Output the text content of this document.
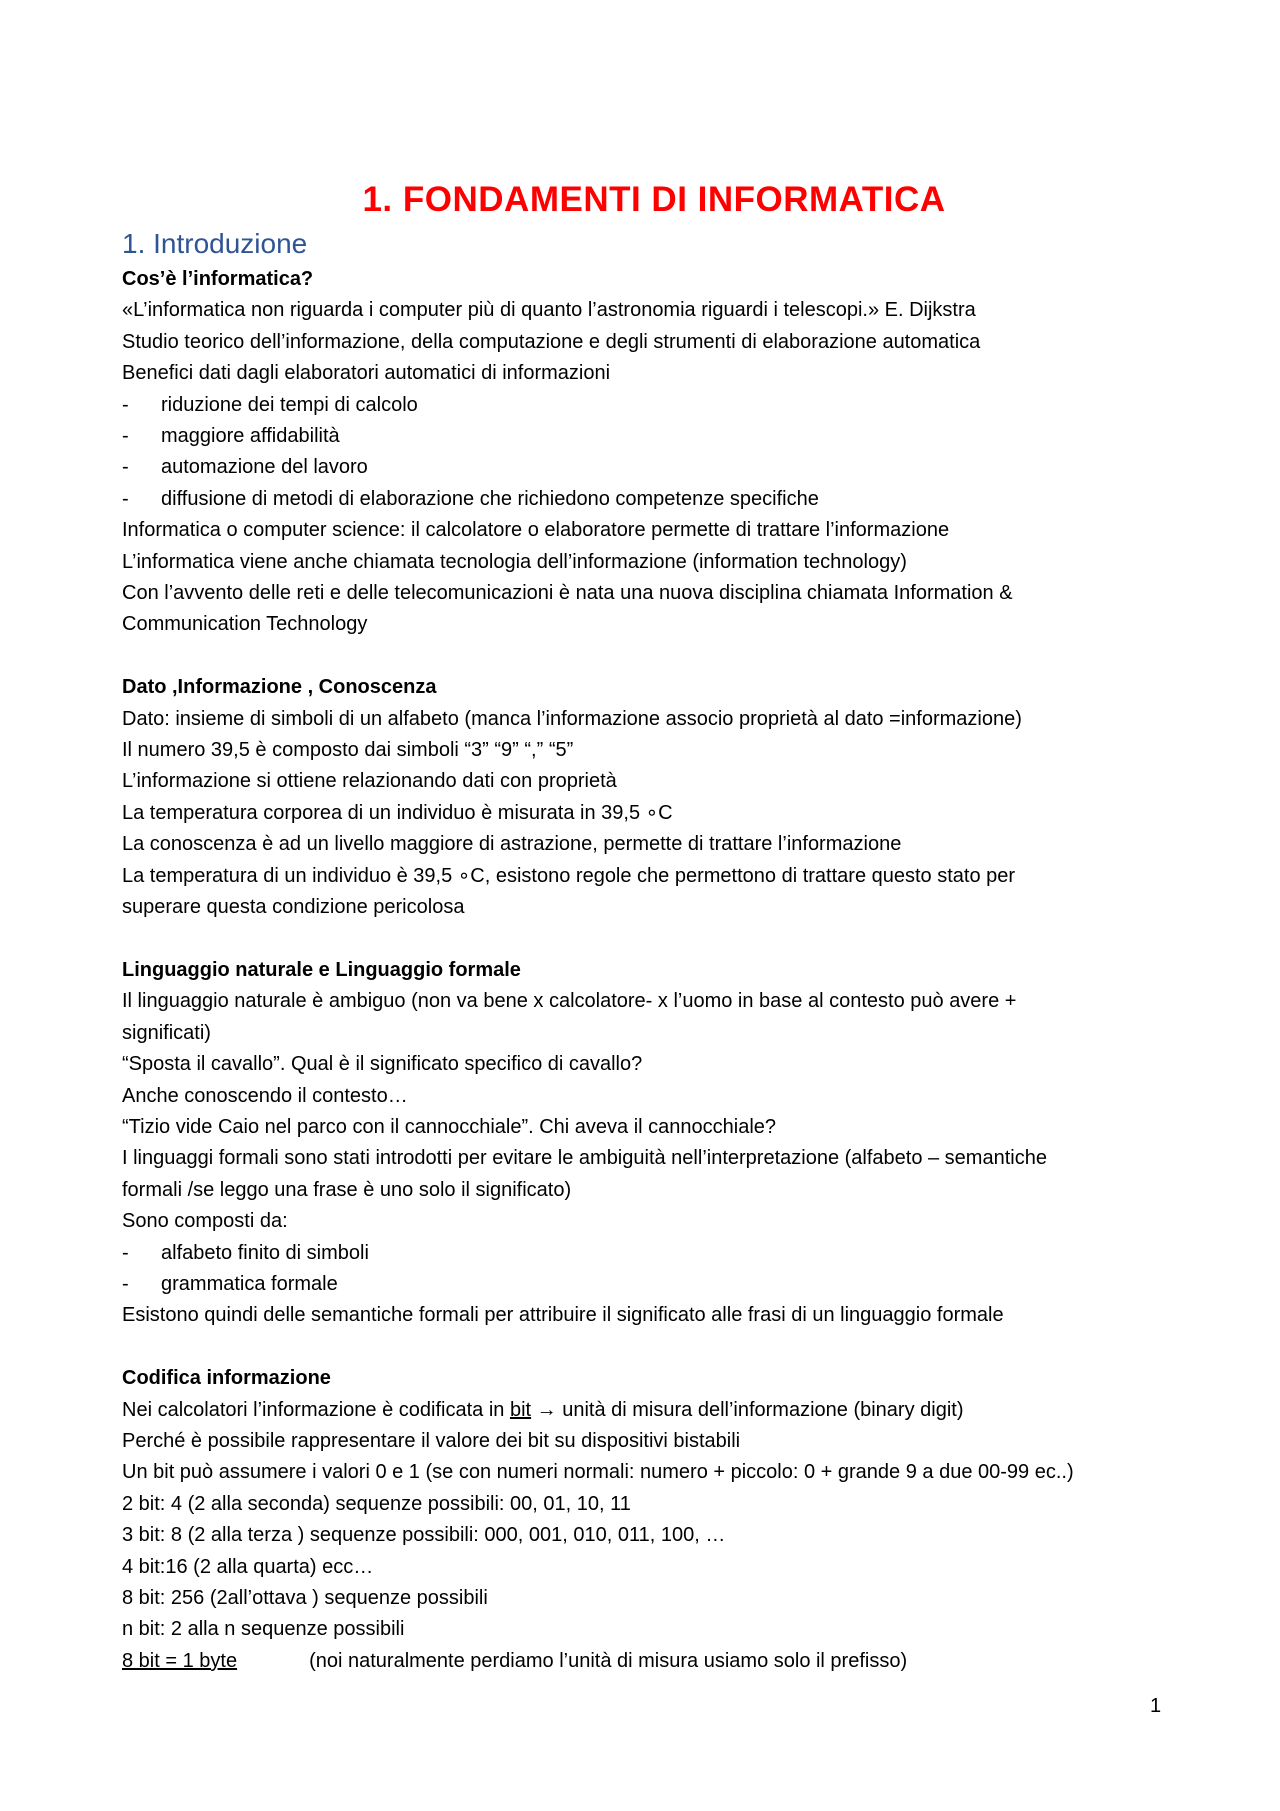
1. FONDAMENTI DI INFORMATICA
1. Introduzione

Cos’è l’informatica?

«L’informatica non riguarda i computer più di quanto l’astronomia riguardi i telescopi.» E. Dijkstra

Studio teorico dell’informazione, della computazione e degli strumenti di elaborazione automatica

Benefici dati dagli elaboratori automatici di informazioni

-	riduzione dei tempi di calcolo
-	maggiore affidabilità
-	automazione del lavoro
-	diffusione di metodi di elaborazione che richiedono competenze specifiche

Informatica o computer science: il calcolatore o elaboratore permette di trattare l’informazione

L’informatica viene anche chiamata tecnologia dell’informazione (information technology)

Con l’avvento delle reti e delle telecomunicazioni è nata una nuova disciplina chiamata Information &

Communication Technology

Dato ,Informazione , Conoscenza

Dato: insieme di simboli di un alfabeto (manca l’informazione associo proprietà al dato =informazione)

Il numero 39,5 è composto dai simboli “3” “9” “,” “5”

L’informazione si ottiene relazionando dati con proprietà

La temperatura corporea di un individuo è misurata in 39,5 ∘C

La conoscenza è ad un livello maggiore di astrazione, permette di trattare l’informazione

La temperatura di un individuo è 39,5 ∘C, esistono regole che permettono di trattare questo stato per

superare questa condizione pericolosa

Linguaggio naturale e Linguaggio formale

Il linguaggio naturale è ambiguo (non va bene x calcolatore- x l’uomo in base al contesto può avere +

significati)

“Sposta il cavallo”. Qual è il significato specifico di cavallo?

Anche conoscendo il contesto…

“Tizio vide Caio nel parco con il cannocchiale”. Chi aveva il cannocchiale?

I linguaggi formali sono stati introdotti per evitare le ambiguità nell’interpretazione (alfabeto – semantiche

formali /se leggo una frase è uno solo il significato)

Sono composti da:

-	alfabeto finito di simboli
-	grammatica formale

Esistono quindi delle semantiche formali per attribuire il significato alle frasi di un linguaggio formale

Codifica informazione

Nei calcolatori l’informazione è codificata in bit → unità di misura dell’informazione (binary digit)

Perché è possibile rappresentare il valore dei bit su dispositivi bistabili

Un bit può assumere i valori 0 e 1 (se con numeri normali: numero + piccolo: 0 + grande 9 a due 00-99 ec..)

2 bit: 4 (2 alla seconda) sequenze possibili: 00, 01, 10, 11

3 bit: 8 (2 alla terza ) sequenze possibili: 000, 001, 010, 011, 100, …

4 bit:16 (2 alla quarta) ecc…

8 bit: 256 (2all’ottava ) sequenze possibili

n bit: 2 alla n sequenze possibili

8 bit = 1 byte	(noi naturalmente perdiamo l’unità di misura usiamo solo il prefisso)

1
